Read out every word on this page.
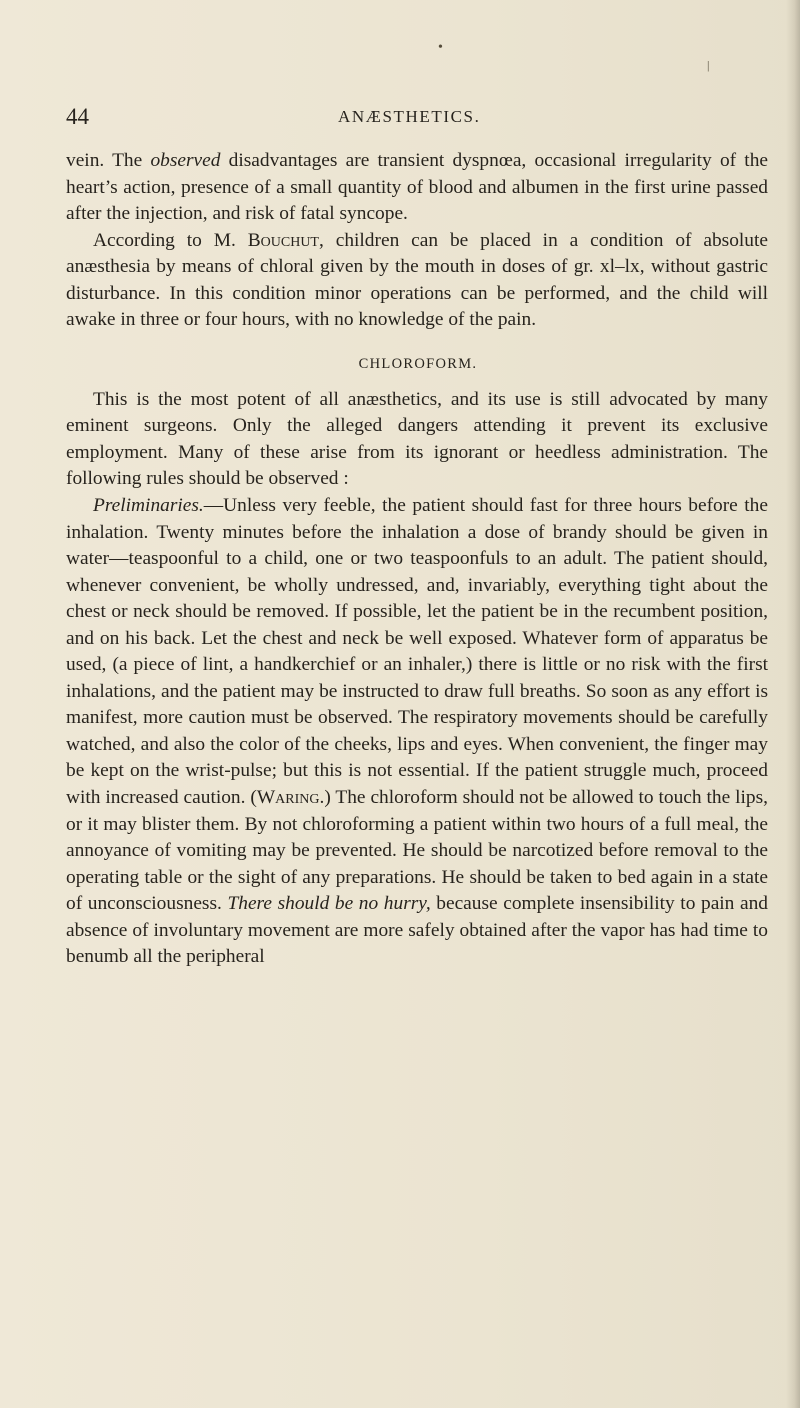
•
|
44	ANÆSTHETICS.

vein. The observed disadvantages are transient dyspnœa, occasional irregularity of the heart’s action, presence of a small quantity of blood and albumen in the first urine passed after the injection, and risk of fatal syncope.

According to M. Bouchut, children can be placed in a condition of absolute anæsthesia by means of chloral given by the mouth in doses of gr. xl–lx, without gastric disturbance. In this condition minor operations can be performed, and the child will awake in three or four hours, with no knowledge of the pain.

CHLOROFORM.

This is the most potent of all anæsthetics, and its use is still advocated by many eminent surgeons. Only the alleged dangers attending it prevent its exclusive employment. Many of these arise from its ignorant or heedless administration. The following rules should be observed :

Preliminaries.—Unless very feeble, the patient should fast for three hours before the inhalation. Twenty minutes before the inhalation a dose of brandy should be given in water—teaspoonful to a child, one or two teaspoonfuls to an adult. The patient should, whenever convenient, be wholly undressed, and, invariably, everything tight about the chest or neck should be removed. If possible, let the patient be in the recumbent position, and on his back. Let the chest and neck be well exposed. Whatever form of apparatus be used, (a piece of lint, a handkerchief or an inhaler,) there is little or no risk with the first inhalations, and the patient may be instructed to draw full breaths. So soon as any effort is manifest, more caution must be observed. The respiratory movements should be carefully watched, and also the color of the cheeks, lips and eyes. When convenient, the finger may be kept on the wrist-pulse; but this is not essential. If the patient struggle much, proceed with increased caution. (Waring.) The chloroform should not be allowed to touch the lips, or it may blister them. By not chloroforming a patient within two hours of a full meal, the annoyance of vomiting may be prevented. He should be narcotized before removal to the operating table or the sight of any preparations. He should be taken to bed again in a state of unconsciousness. There should be no hurry, because complete insensibility to pain and absence of involuntary movement are more safely obtained after the vapor has had time to benumb all the peripheral
